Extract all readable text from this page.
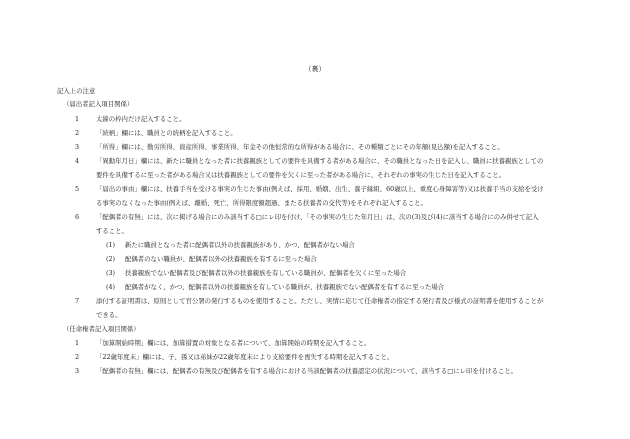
（裏）
記入上の注意
（届出者記入項目関係）
1	太線の枠内だけ記入すること。
2	「続柄」欄には、職員との続柄を記入すること。
3	「所得」欄には、勤労所得、資産所得、事業所得、年金その他恒常的な所得がある場合に、その種類ごとにその年額(見込額)を記入すること。
4	「異動年月日」欄には、新たに職員となった者に扶養親族としての要件を具備する者がある場合に、その職員となった日を記入し、職員に扶養親族としての
要件を具備するに至った者がある場合又は扶養親族としての要件を欠くに至った者がある場合に、それぞれの事実の生じた日を記入すること。
5	「届出の事由」欄には、扶養手当を受ける事実の生じた事由(例えば、採用、婚姻、出生、養子縁組、60歳以上、重度心身障害等)又は扶養手当の支給を受け
る事実のなくなった事由(例えば、離婚、死亡、所得限度額超過、またる扶養者の交代等)をそれぞれ記入すること。
6	「配偶者の有無」には、次に掲げる場合にのみ該当する□にレ印を付け、「その事実の生じた年月日」は、次の(3)及び(4)に該当する場合にのみ併せて記入
すること。
(1) 新たに職員となった者に配偶者以外の扶養親族があり、かつ、配偶者がない場合
(2) 配偶者のない職員が、配偶者以外の扶養親族を有するに至った場合
(3) 扶養親族でない配偶者及び配偶者以外の扶養親族を有している職員が、配偶者を欠くに至った場合
(4) 配偶者がなく、かつ、配偶者以外の扶養親族を有している職員が、扶養親族でない配偶者を有するに至った場合
7	添付する証明書は、原則として官公署の発行するものを使用すること。ただし、実情に応じて任命権者の指定する発行者及び様式の証明書を使用することが
できる。
（任命権者記入項目関係）
1	「加算開始時期」欄には、加算措置の対象となる者について、加算開始の時期を記入すること。
2	「22歳年度末」欄には、子、孫又は弟妹が22歳年度末により支給要件を喪失する時期を記入すること。
3	「配偶者の有無」欄には、配偶者の有無及び配偶者を有する場合における当該配偶者の扶養認定の状況について、該当する□にレ印を付けること。
